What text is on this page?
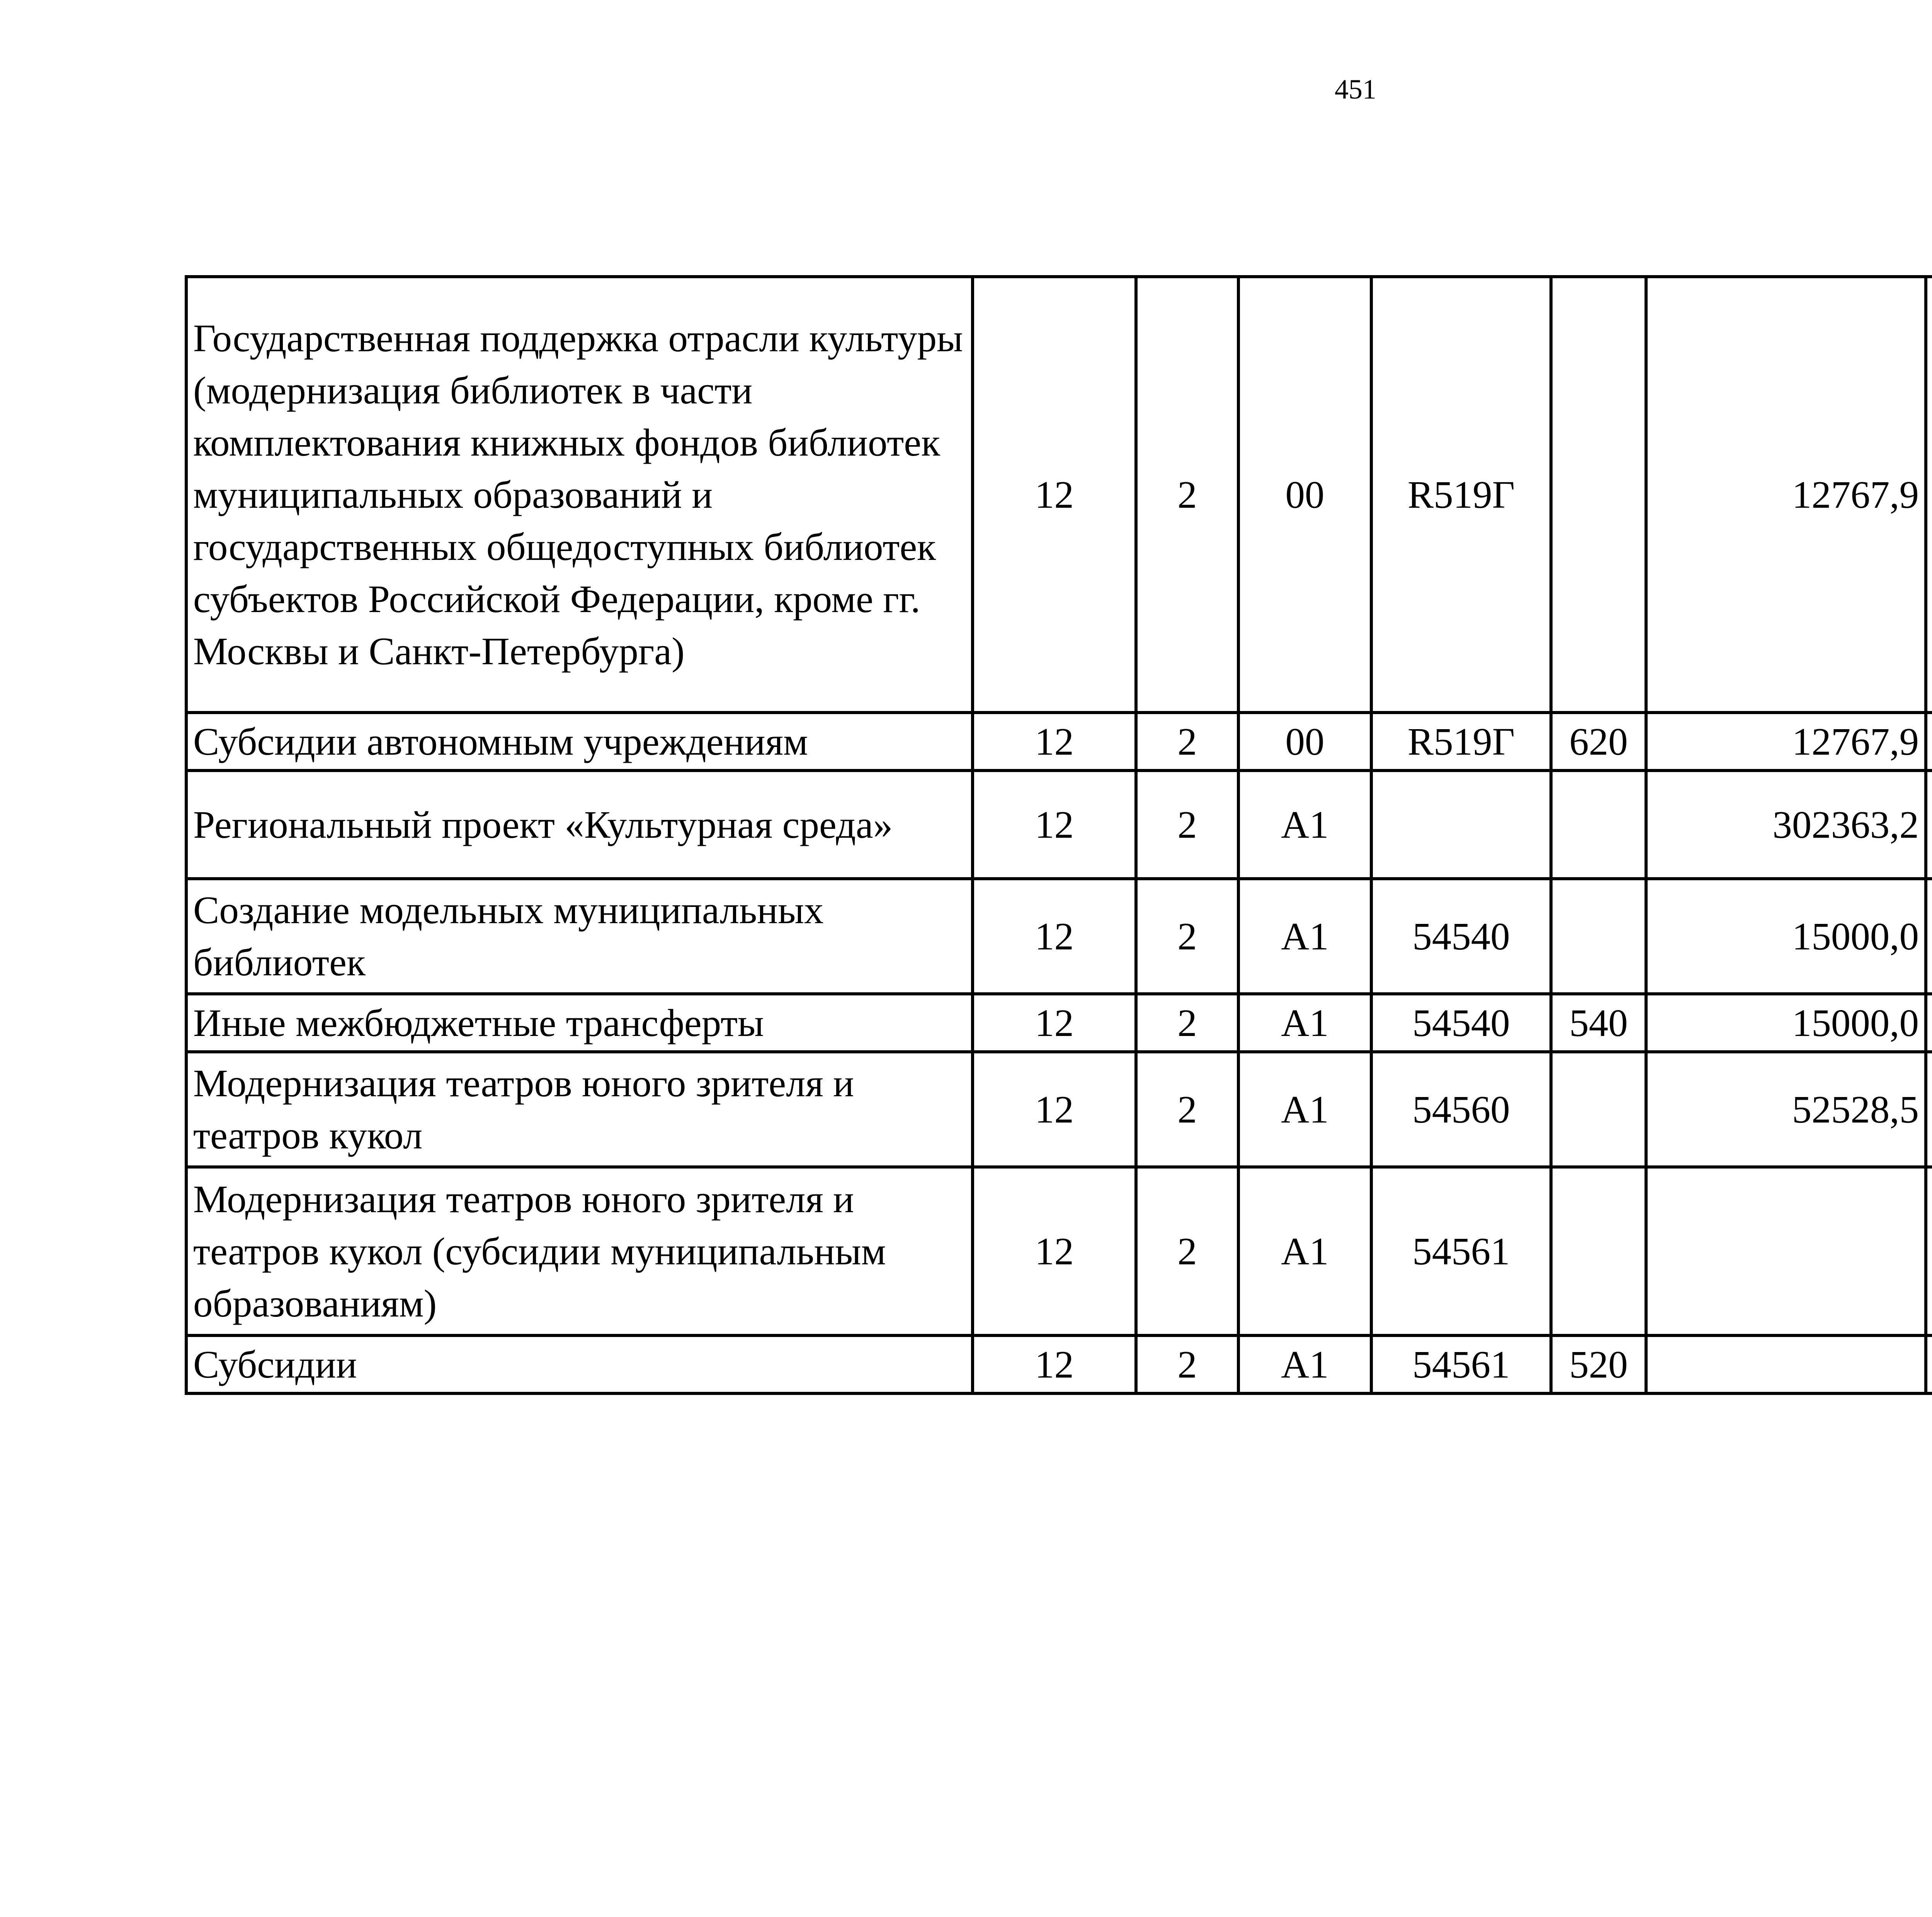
451
Государственная поддержка отрасли культуры (модернизация библиотек в части комплектования книжных фондов библиотек муниципальных образований и государственных общедоступных библиотек субъектов Российской Федерации, кроме гг. Москвы и Санкт-Петербурга)	12	2	00	R519Г		12767,9		
Субсидии автономным учреждениям	12	2	00	R519Г	620	12767,9		
Региональный проект «Культурная среда»	12	2	А1			302363,2		
Создание модельных муниципальных библиотек	12	2	А1	54540		15000,0		
Иные межбюджетные трансферты	12	2	А1	54540	540	15000,0		
Модернизация театров юного зрителя и театров кукол	12	2	А1	54560		52528,5		
Модернизация театров юного зрителя и театров кукол (субсидии муниципальным образованиям)	12	2	А1	54561				
Субсидии	12	2	А1	54561	520			
